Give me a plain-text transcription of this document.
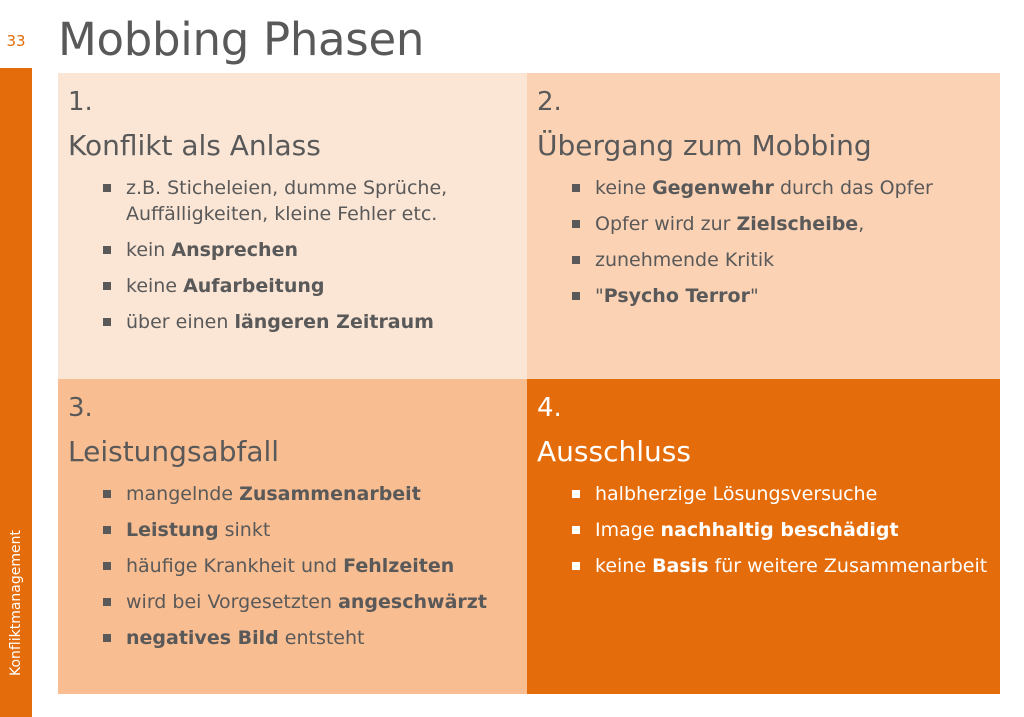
33
Konfliktmanagement
Mobbing Phasen
1.
Konflikt als Anlass
z.B. Sticheleien, dumme Sprüche, Auffälligkeiten, kleine Fehler etc.
kein Ansprechen
keine Aufarbeitung
über einen längeren Zeitraum
2.
Übergang zum Mobbing
keine Gegenwehr durch das Opfer
Opfer wird zur Zielscheibe,
zunehmende Kritik
"Psycho Terror"
3.
Leistungsabfall
mangelnde Zusammenarbeit
Leistung sinkt
häufige Krankheit und Fehlzeiten
wird bei Vorgesetzten angeschwärzt
negatives Bild entsteht
4.
Ausschluss
halbherzige Lösungsversuche
Image nachhaltig beschädigt
keine Basis für weitere Zusammenarbeit
